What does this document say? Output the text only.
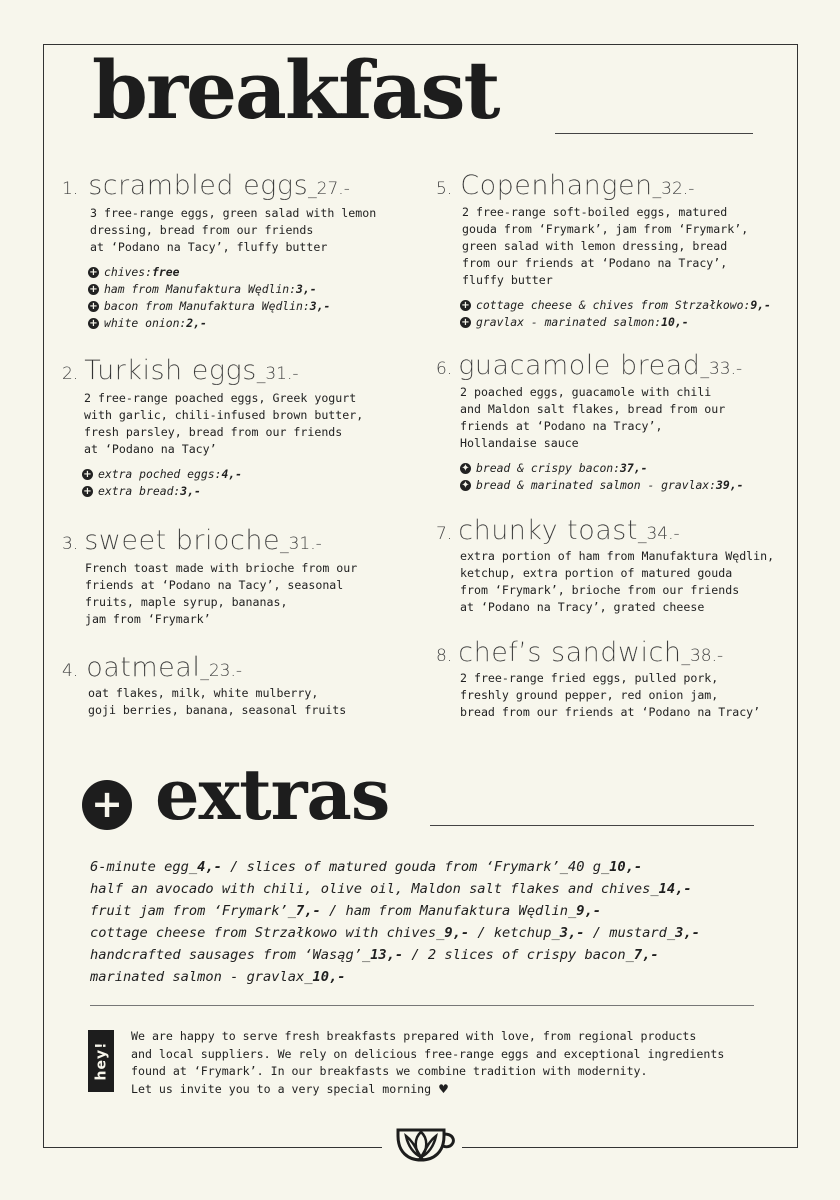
breakfast
1. scrambled eggs _27.-
3 free-range eggs, green salad with lemon
dressing, bread from our friends
at ‘Podano na Tacy’, fluffy butter
+ chives: free
+ ham from Manufaktura Wędlin: 3,-
+ bacon from Manufaktura Wędlin: 3,-
+ white onion: 2,-
2. Turkish eggs _31.-
2 free-range poached eggs, Greek yogurt
with garlic, chili-infused brown butter,
fresh parsley, bread from our friends
at ‘Podano na Tacy’
+ extra poched eggs: 4,-
+ extra bread: 3,-
3. sweet brioche _31.-
French toast made with brioche from our
friends at ‘Podano na Tacy’, seasonal
fruits, maple syrup, bananas,
jam from ‘Frymark’
4. oatmeal _23.-
oat flakes, milk, white mulberry,
goji berries, banana, seasonal fruits
5. Copenhangen _32.-
2 free-range soft-boiled eggs, matured
gouda from ‘Frymark’, jam from ‘Frymark’,
green salad with lemon dressing, bread
from our friends at ‘Podano na Tracy’,
fluffy butter
+ cottage cheese & chives from Strzałkowo: 9,-
+ gravlax - marinated salmon: 10,-
6. guacamole bread _33.-
2 poached eggs, guacamole with chili
and Maldon salt flakes, bread from our
friends at ‘Podano na Tracy’,
Hollandaise sauce
✦ bread & crispy bacon: 37,-
✦ bread & marinated salmon - gravlax: 39,-
7. chunky toast _34.-
extra portion of ham from Manufaktura Wędlin,
ketchup, extra portion of matured gouda
from ‘Frymark’, brioche from our friends
at ‘Podano na Tracy’, grated cheese
8. chef’s sandwich _38.-
2 free-range fried eggs, pulled pork,
freshly ground pepper, red onion jam,
bread from our friends at ‘Podano na Tracy’
+ extras
6-minute egg_4,- / slices of matured gouda from ‘Frymark’_40 g_10,-
half an avocado with chili, olive oil, Maldon salt flakes and chives_14,-
fruit jam from ‘Frymark’_7,- / ham from Manufaktura Wędlin_9,-
cottage cheese from Strzałkowo with chives_9,- / ketchup_3,- / mustard_3,-
handcrafted sausages from ‘Wasąg’_13,- / 2 slices of crispy bacon_7,-
marinated salmon - gravlax_10,-
hey!
We are happy to serve fresh breakfasts prepared with love, from regional products
and local suppliers. We rely on delicious free-range eggs and exceptional ingredients
found at ‘Frymark’. In our breakfasts we combine tradition with modernity.
Let us invite you to a very special morning ♥
